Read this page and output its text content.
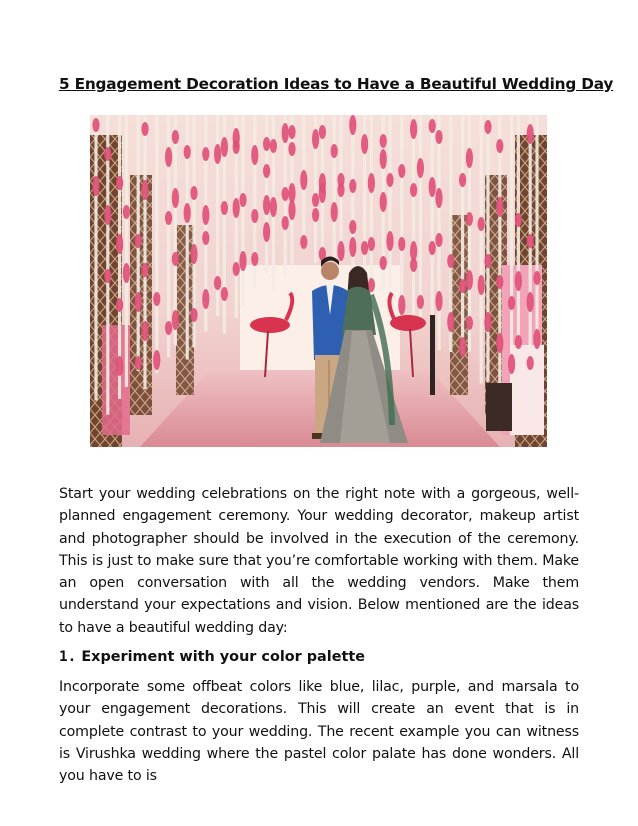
5 Engagement Decoration Ideas to Have a Beautiful Wedding Day

Start your wedding celebrations on the right note with a gorgeous, well-planned engagement ceremony. Your wedding decorator, makeup artist and photographer should be involved in the execution of the ceremony. This is just to make sure that you’re comfortable working with them. Make an open conversation with all the wedding vendors. Make them understand your expectations and vision. Below mentioned are the ideas to have a beautiful wedding day:

1. Experiment with your color palette

Incorporate some offbeat colors like blue, lilac, purple, and marsala to your engagement decorations. This will create an event that is in complete contrast to your wedding. The recent example you can witness is Virushka wedding where the pastel color palate has done wonders. All you have to is
